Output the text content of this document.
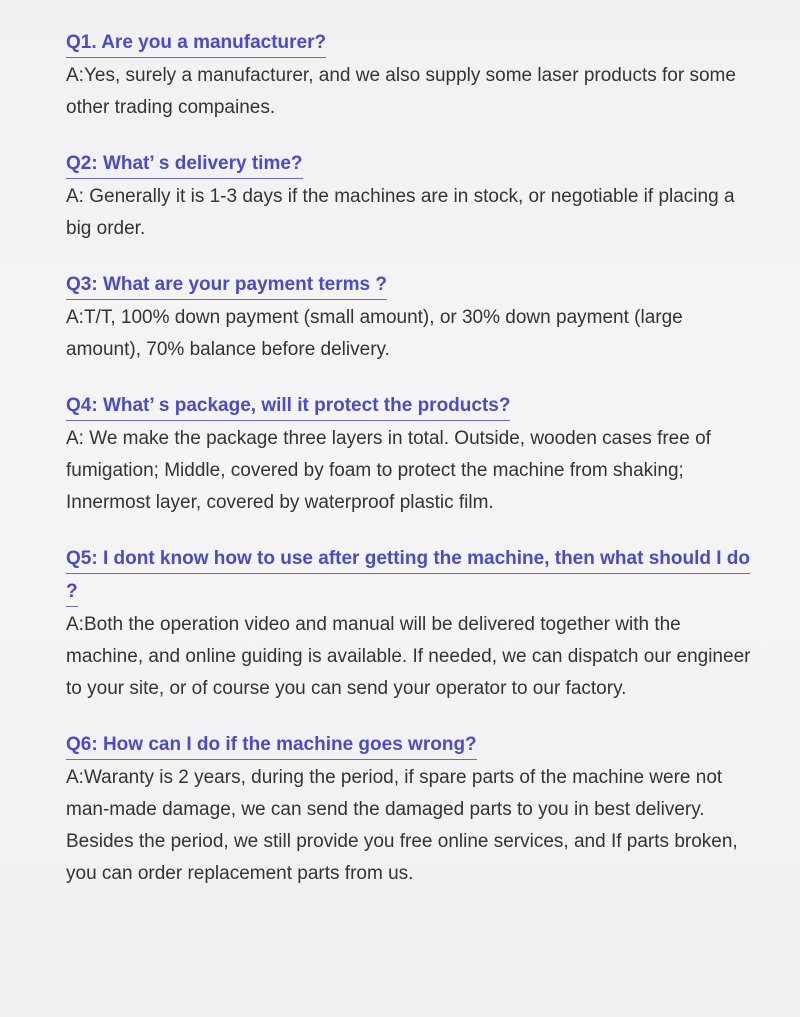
Q1. Are you a manufacturer?

A:Yes, surely a manufacturer, and we also supply some laser products for some other trading compaines.

Q2: What’ s delivery time?

A: Generally it is 1-3 days if the machines are in stock, or negotiable if placing a big order.

Q3: What are your payment terms ?

A:T/T, 100% down payment (small amount), or 30% down payment (large amount), 70% balance before delivery.

Q4: What’ s package, will it protect the products?

A: We make the package three layers in total. Outside, wooden cases free of fumigation; Middle, covered by foam to protect the machine from shaking; Innermost layer, covered by waterproof plastic film.

Q5: I dont know how to use after getting the machine, then what should I do ?

A:Both the operation video and manual will be delivered together with the machine, and online guiding is available. If needed, we can dispatch our engineer to your site, or of course you can send your operator to our factory.

Q6: How can I do if the machine goes wrong?

A:Waranty is 2 years, during the period, if spare parts of the machine were not man-made damage, we can send the damaged parts to you in best delivery. Besides the period, we still provide you free online services, and If parts broken, you can order replacement parts from us.
